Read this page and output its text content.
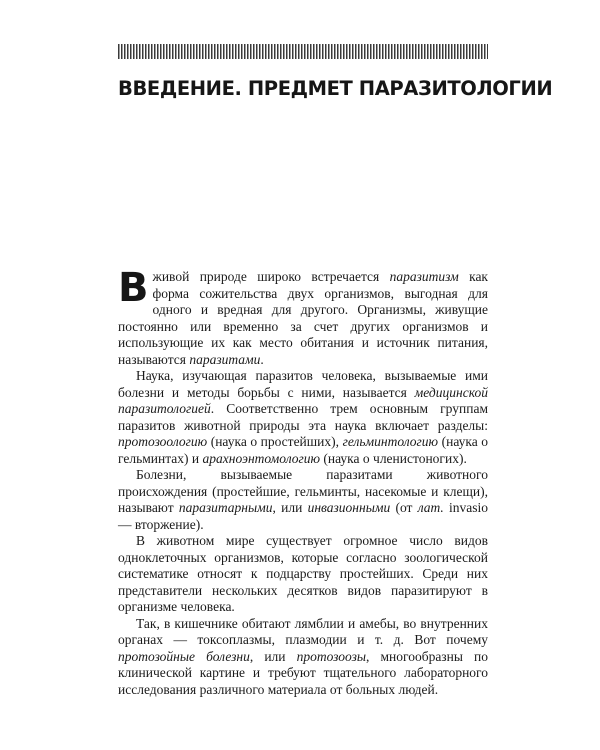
ВВЕДЕНИЕ. ПРЕДМЕТ ПАРАЗИТОЛОГИИ

Вживой природе широко встречается паразитизм как форма сожительства двух организмов, выгодная для одного и вредная для другого. Организмы, живущие постоянно или временно за счет других организмов и использующие их как место обитания и источник питания, называются паразитами.

Наука, изучающая паразитов человека, вызываемые ими болезни и методы борьбы с ними, называется медицинской паразитологией. Соответственно трем основным группам паразитов животной природы эта наука включает разделы: протозоологию (наука о простейших), гельминтологию (наука о гельминтах) и арахноэнтомологию (наука о членистоногих).

Болезни, вызываемые паразитами животного происхождения (простейшие, гельминты, насекомые и клещи), называют паразитарными, или инвазионными (от лат. invasio — вторжение).

В животном мире существует огромное число видов одноклеточных организмов, которые согласно зоологической систематике относят к подцарству простейших. Среди них представители нескольких десятков видов паразитируют в организме человека.

Так, в кишечнике обитают лямблии и амебы, во внутренних органах — токсоплазмы, плазмодии и т. д. Вот почему протозойные болезни, или протозоозы, многообразны по клинической картине и требуют тщательного лабораторного исследования различного материала от больных людей.
